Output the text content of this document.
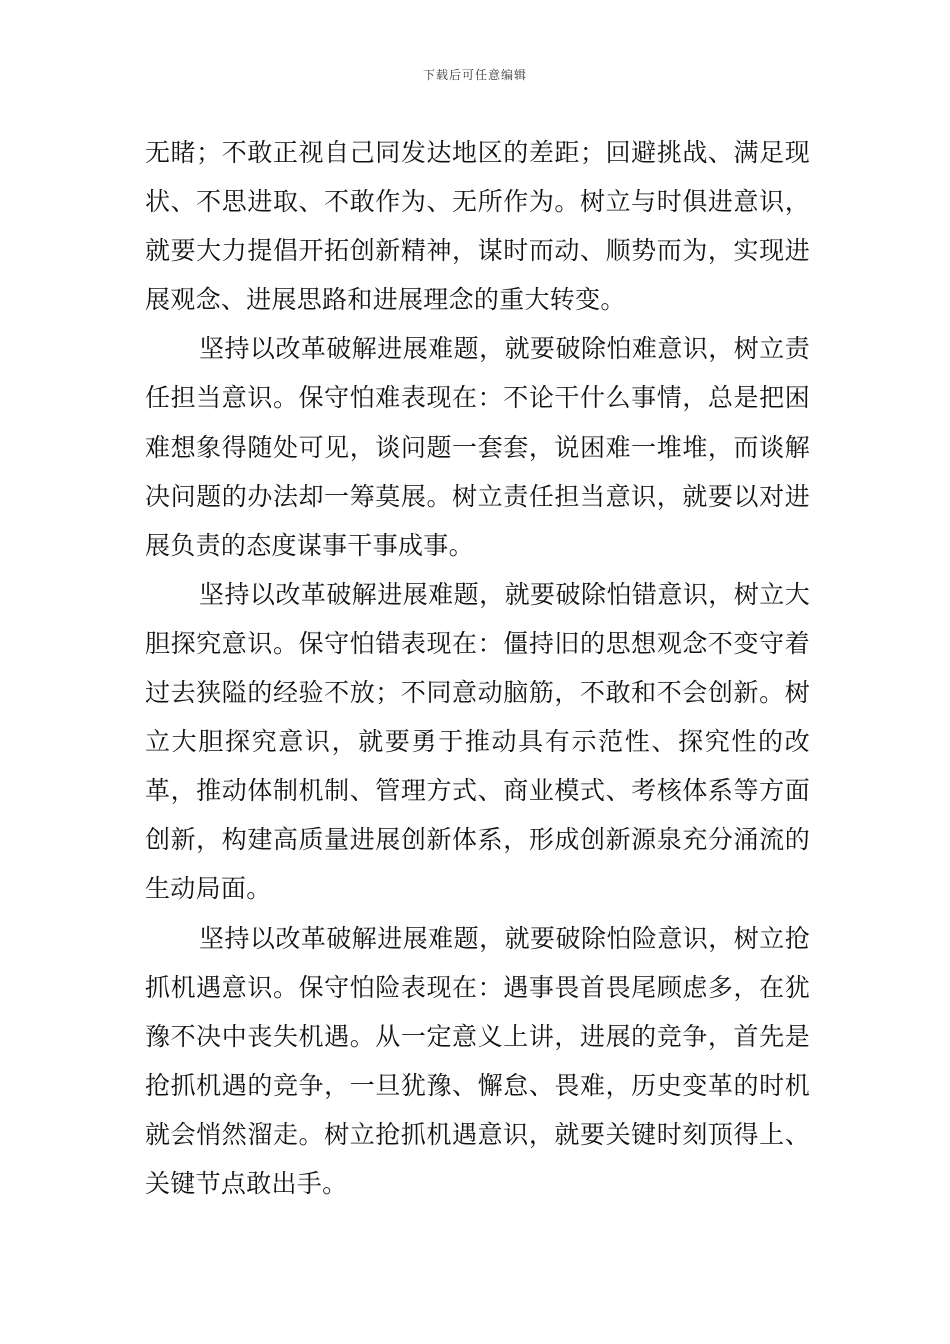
下载后可任意编辑

无睹；不敢正视自己同发达地区的差距；回避挑战、满足现状、不思进取、不敢作为、无所作为。树立与时俱进意识，就要大力提倡开拓创新精神，谋时而动、顺势而为，实现进展观念、进展思路和进展理念的重大转变。

坚持以改革破解进展难题，就要破除怕难意识，树立责任担当意识。保守怕难表现在：不论干什么事情，总是把困难想象得随处可见，谈问题一套套，说困难一堆堆，而谈解决问题的办法却一筹莫展。树立责任担当意识，就要以对进展负责的态度谋事干事成事。

坚持以改革破解进展难题，就要破除怕错意识，树立大胆探究意识。保守怕错表现在：僵持旧的思想观念不变守着过去狭隘的经验不放；不同意动脑筋，不敢和不会创新。树立大胆探究意识，就要勇于推动具有示范性、探究性的改革，推动体制机制、管理方式、商业模式、考核体系等方面创新，构建高质量进展创新体系，形成创新源泉充分涌流的生动局面。

坚持以改革破解进展难题，就要破除怕险意识，树立抢抓机遇意识。保守怕险表现在：遇事畏首畏尾顾虑多，在犹豫不决中丧失机遇。从一定意义上讲，进展的竞争，首先是抢抓机遇的竞争，一旦犹豫、懈怠、畏难，历史变革的时机就会悄然溜走。树立抢抓机遇意识，就要关键时刻顶得上、关键节点敢出手。
